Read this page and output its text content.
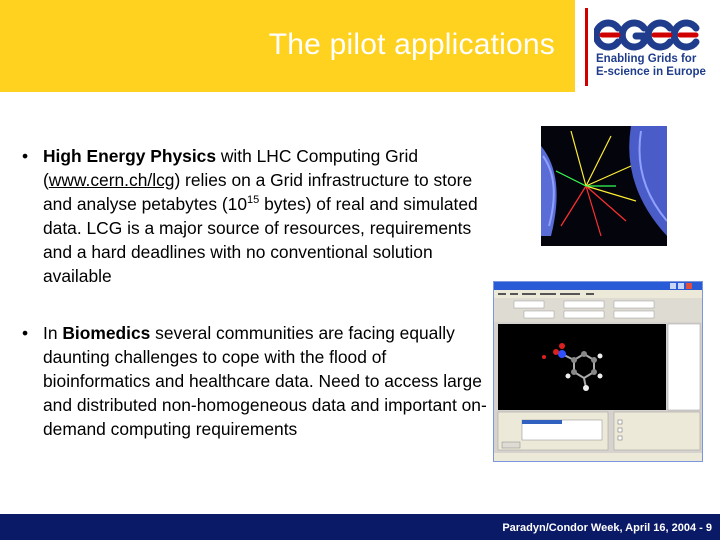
The pilot applications	Enabling Grids for
E-science in Europe
• High Energy Physics with LHC Computing Grid (www.cern.ch/lcg) relies on a Grid infrastructure to store and analyse petabytes ($10^{15}$ bytes) of real and simulated data. LCG is a major source of resources, requirements and a hard deadlines with no conventional solution available
• In Biomedics several communities are facing equally daunting challenges to cope with the flood of bioinformatics and healthcare data. Need to access large and distributed non-homogeneous data and important on-demand computing requirements
Paradyn/Condor Week, April 16, 2004 - 9
